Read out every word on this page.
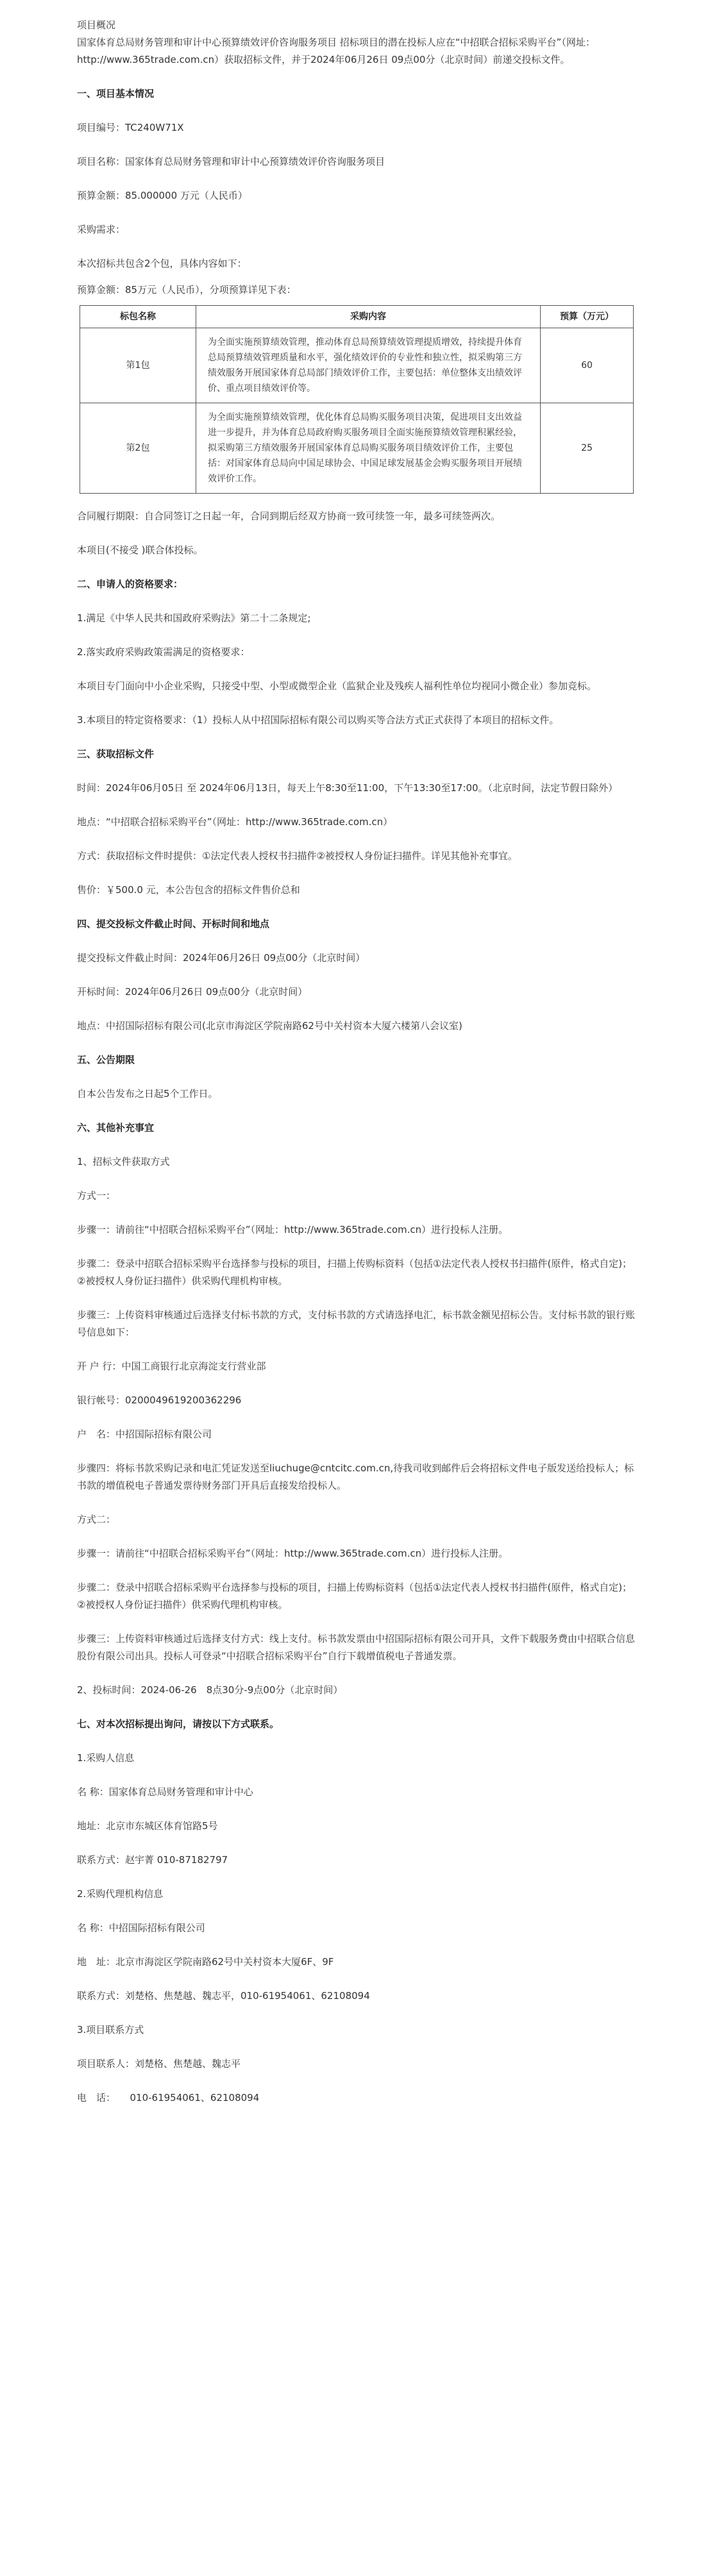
项目概况

国家体育总局财务管理和审计中心预算绩效评价咨询服务项目 招标项目的潜在投标人应在“中招联合招标采购平台”（网址：http://www.365trade.com.cn）获取招标文件，并于2024年06月26日 09点00分（北京时间）前递交投标文件。

一、项目基本情况

项目编号：TC240W71X

项目名称：国家体育总局财务管理和审计中心预算绩效评价咨询服务项目

预算金额：85.000000 万元（人民币）

采购需求：

本次招标共包含2个包，具体内容如下：

预算金额：85万元（人民币），分项预算详见下表：

标包名称	采购内容	预算（万元）
第1包	为全面实施预算绩效管理，推动体育总局预算绩效管理提质增效，持续提升体育总局预算绩效管理质量和水平，强化绩效评价的专业性和独立性，拟采购第三方绩效服务开展国家体育总局部门绩效评价工作，主要包括：单位整体支出绩效评价、重点项目绩效评价等。	60
第2包	为全面实施预算绩效管理，优化体育总局购买服务项目决策，促进项目支出效益进一步提升，并为体育总局政府购买服务项目全面实施预算绩效管理积累经验，拟采购第三方绩效服务开展国家体育总局购买服务项目绩效评价工作，主要包括：对国家体育总局向中国足球协会、中国足球发展基金会购买服务项目开展绩效评价工作。	25

合同履行期限：自合同签订之日起一年，合同到期后经双方协商一致可续签一年，最多可续签两次。

本项目(不接受 )联合体投标。

二、申请人的资格要求：

1.满足《中华人民共和国政府采购法》第二十二条规定;

2.落实政府采购政策需满足的资格要求：

本项目专门面向中小企业采购，只接受中型、小型或微型企业（监狱企业及残疾人福利性单位均视同小微企业）参加竞标。

3.本项目的特定资格要求：（1）投标人从中招国际招标有限公司以购买等合法方式正式获得了本项目的招标文件。

三、获取招标文件

时间：2024年06月05日 至 2024年06月13日，每天上午8:30至11:00，下午13:30至17:00。（北京时间，法定节假日除外）

地点：“中招联合招标采购平台”（网址：http://www.365trade.com.cn）

方式：获取招标文件时提供：①法定代表人授权书扫描件②被授权人身份证扫描件。详见其他补充事宜。

售价：￥500.0 元，本公告包含的招标文件售价总和

四、提交投标文件截止时间、开标时间和地点

提交投标文件截止时间：2024年06月26日 09点00分（北京时间）

开标时间：2024年06月26日 09点00分（北京时间）

地点：中招国际招标有限公司(北京市海淀区学院南路62号中关村资本大厦六楼第八会议室)

五、公告期限

自本公告发布之日起5个工作日。

六、其他补充事宜

1、招标文件获取方式

方式一：

步骤一：请前往“中招联合招标采购平台”（网址：http://www.365trade.com.cn）进行投标人注册。

步骤二：登录中招联合招标采购平台选择参与投标的项目，扫描上传购标资料（包括①法定代表人授权书扫描件(原件，格式自定)；②被授权人身份证扫描件）供采购代理机构审核。

步骤三：上传资料审核通过后选择支付标书款的方式，支付标书款的方式请选择电汇，标书款金额见招标公告。支付标书款的银行账号信息如下：

开 户 行：中国工商银行北京海淀支行营业部

银行帐号：0200049619200362296

户　名：中招国际招标有限公司

步骤四：将标书款采购记录和电汇凭证发送至liuchuge@cntcitc.com.cn,待我司收到邮件后会将招标文件电子版发送给投标人；标书款的增值税电子普通发票待财务部门开具后直接发给投标人。

方式二：

步骤一：请前往“中招联合招标采购平台”（网址：http://www.365trade.com.cn）进行投标人注册。

步骤二：登录中招联合招标采购平台选择参与投标的项目，扫描上传购标资料（包括①法定代表人授权书扫描件(原件，格式自定)；②被授权人身份证扫描件）供采购代理机构审核。

步骤三：上传资料审核通过后选择支付方式：线上支付。标书款发票由中招国际招标有限公司开具，文件下载服务费由中招联合信息股份有限公司出具。投标人可登录“中招联合招标采购平台”自行下载增值税电子普通发票。

2、投标时间：2024-06-26　8点30分-9点00分（北京时间）

七、对本次招标提出询问，请按以下方式联系。

1.采购人信息

名 称：国家体育总局财务管理和审计中心

地址：北京市东城区体育馆路5号

联系方式：赵宇菁 010-87182797

2.采购代理机构信息

名 称：中招国际招标有限公司

地　址：北京市海淀区学院南路62号中关村资本大厦6F、9F

联系方式：刘楚格、焦楚越、魏志平，010-61954061、62108094

3.项目联系方式

项目联系人：刘楚格、焦楚越、魏志平

电　话：　　010-61954061、62108094
